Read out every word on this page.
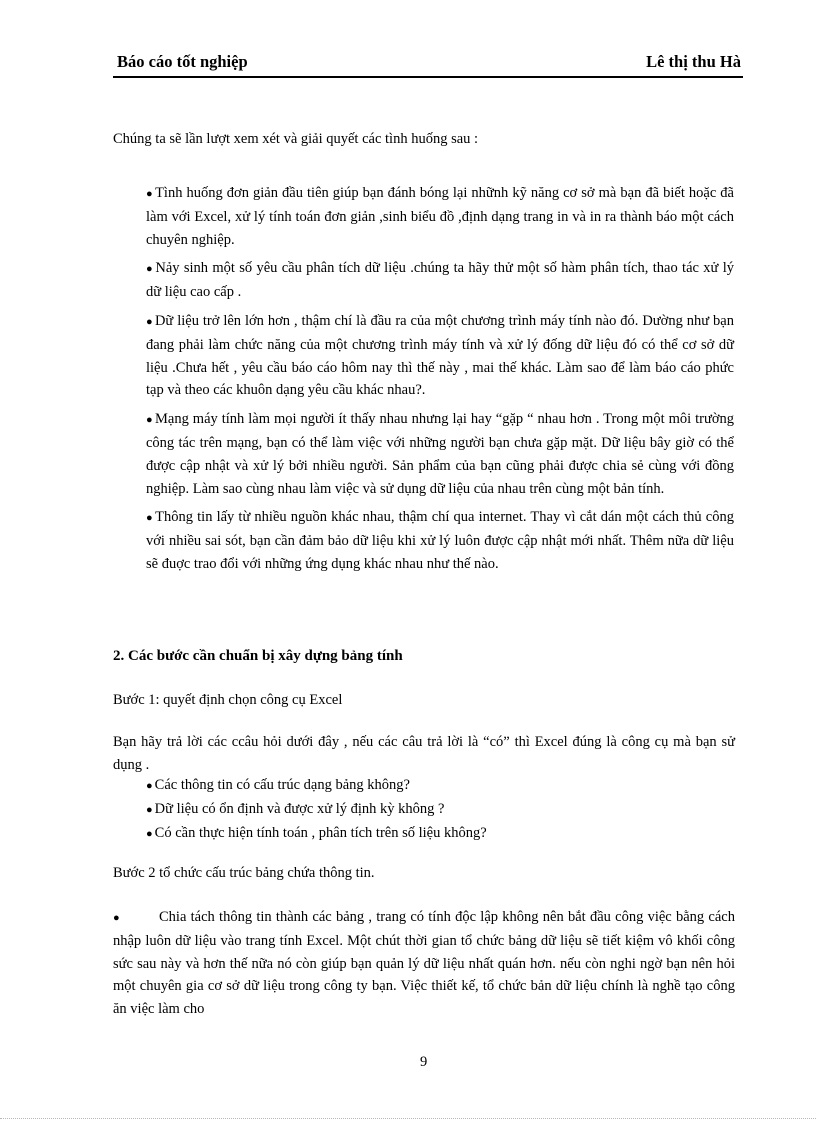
Báo cáo tốt nghiệp	Lê thị thu Hà
Chúng ta sẽ lần lượt xem xét và giải quyết các tình huống sau :

● Tình huống đơn giản đầu tiên giúp bạn đánh bóng lại nhữnh kỹ năng cơ sở mà bạn đã biết hoặc đã làm với Excel, xử lý tính toán đơn giản ,sinh biểu đồ ,định dạng trang in và in ra thành báo một cách chuyên nghiệp.

● Nảy sinh một số yêu cầu phân tích dữ liệu .chúng ta hãy thử một số hàm phân tích, thao tác xử lý dữ liệu cao cấp .

● Dữ liệu trở lên lớn hơn , thậm chí là đầu ra của một chương trình máy tính nào đó. Dường như bạn đang phải làm chức năng của một chương trình máy tính và xử lý đống dữ liệu đó có thể cơ sở dữ liệu .Chưa hết , yêu cầu báo cáo hôm nay thì thế này , mai thế khác. Làm sao để làm báo cáo phức tạp và theo các khuôn dạng yêu cầu khác nhau?.

● Mạng máy tính làm mọi người ít thấy nhau nhưng lại hay “gặp “ nhau hơn . Trong một môi trường công tác trên mạng, bạn có thể làm việc với những người bạn chưa gặp mặt. Dữ liệu bây giờ có thể được cập nhật và xử lý bởi nhiều người. Sản phẩm của bạn cũng phải được chia sẻ cùng với đồng nghiệp. Làm sao cùng nhau làm việc và sử dụng dữ liệu của nhau trên cùng một bản tính.

● Thông tin lấy từ nhiều nguồn khác nhau, thậm chí qua internet. Thay vì cắt dán một cách thủ công với nhiều sai sót, bạn cần đảm bảo dữ liệu khi xử lý luôn được cập nhật mới nhất. Thêm nữa dữ liệu sẽ đuợc trao đổi với những ứng dụng khác nhau như thế nào.

2. Các bước cần chuẩn bị xây dựng bảng tính
Bước 1: quyết định chọn công cụ Excel
Bạn hãy trả lời các ccâu hỏi dưới đây , nếu các câu trả lời là “có” thì Excel đúng là công cụ mà bạn sử dụng .

● Các thông tin có cấu trúc dạng bảng không?

● Dữ liệu có ổn định và được xử lý định kỳ không ?

● Có cần thực hiện tính toán , phân tích trên số liệu không?

Bước 2 tổ chức cấu trúc bảng chứa thông tin.
●	Chia tách thông tin thành các bảng , trang có tính độc lập không nên bắt đầu công việc bằng cách nhập luôn dữ liệu vào trang tính Excel. Một chút thời gian tổ chức bảng dữ liệu sẽ tiết kiệm vô khối công sức sau này và hơn thế nữa nó còn giúp bạn quản lý dữ liệu nhất quán hơn. nếu còn nghi ngờ bạn nên hỏi một chuyên gia cơ sở dữ liệu trong công ty bạn. Việc thiết kế, tổ chức bản dữ liệu chính là nghề tạo công ăn việc làm cho
9
